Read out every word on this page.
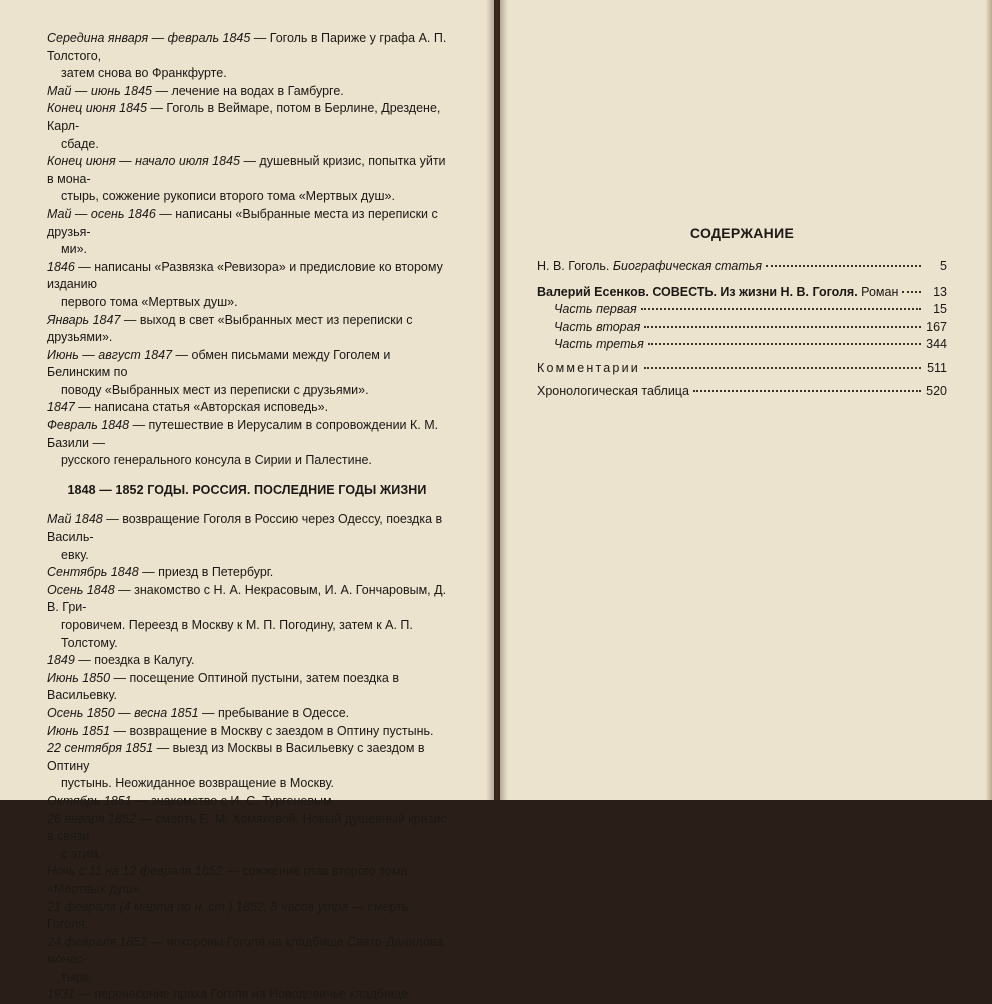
Середина января — февраль 1845 — Гоголь в Париже у графа А. П. Толстого,
затем снова во Франкфурте.
Май — июнь 1845 — лечение на водах в Гамбурге.
Конец июня 1845 — Гоголь в Веймаре, потом в Берлине, Дрездене, Карл-
сбаде.
Конец июня — начало июля 1845 — душевный кризис, попытка уйти в мона-
стырь, сожжение рукописи второго тома «Мертвых душ».
Май — осень 1846 — написаны «Выбранные места из переписки с друзья-
ми».
1846 — написаны «Развязка «Ревизора» и предисловие ко второму изданию
первого тома «Мертвых душ».
Январь 1847 — выход в свет «Выбранных мест из переписки с друзьями».
Июнь — август 1847 — обмен письмами между Гоголем и Белинским по
поводу «Выбранных мест из переписки с друзьями».
1847 — написана статья «Авторская исповедь».
Февраль 1848 — путешествие в Иерусалим в сопровождении К. М. Базили —
русского генерального консула в Сирии и Палестине.
1848 — 1852 ГОДЫ. РОССИЯ. ПОСЛЕДНИЕ ГОДЫ ЖИЗНИ
Май 1848 — возвращение Гоголя в Россию через Одессу, поездка в Василь-
евку.
Сентябрь 1848 — приезд в Петербург.
Осень 1848 — знакомство с Н. А. Некрасовым, И. А. Гончаровым, Д. В. Гри-
горовичем. Переезд в Москву к М. П. Погодину, затем к А. П. Толстому.
1849 — поездка в Калугу.
Июнь 1850 — посещение Оптиной пустыни, затем поездка в Васильевку.
Осень 1850 — весна 1851 — пребывание в Одессе.
Июнь 1851 — возвращение в Москву с заездом в Оптину пустынь.
22 сентября 1851 — выезд из Москвы в Васильевку с заездом в Оптину
пустынь. Неожиданное возвращение в Москву.
Октябрь 1851 — знакомство с И. С. Тургеневым.
26 января 1852 — смерть Е. М. Хомяковой. Новый душевный кризис в связи
с этим.
Ночь с 11 на 12 февраля 1852 — сожжение глав второго тома «Мертвых душ».
21 февраля (4 марта по н. ст.) 1852, 8 часов утра — смерть Гоголя.
24 февраля 1852 — похороны Гоголя на кладбище Свято-Данилова монас-
тыря.
1931 — перенесение праха Гоголя на Новодевичье кладбище.
СОДЕРЖАНИЕ
Н. В. Гоголь. Биографическая статья	5
Валерий Есенков. СОВЕСТЬ. Из жизни Н. В. Гоголя. Роман	13
Часть первая	15
Часть вторая	167
Часть третья	344
Комментарии	511
Хронологическая таблица	520
